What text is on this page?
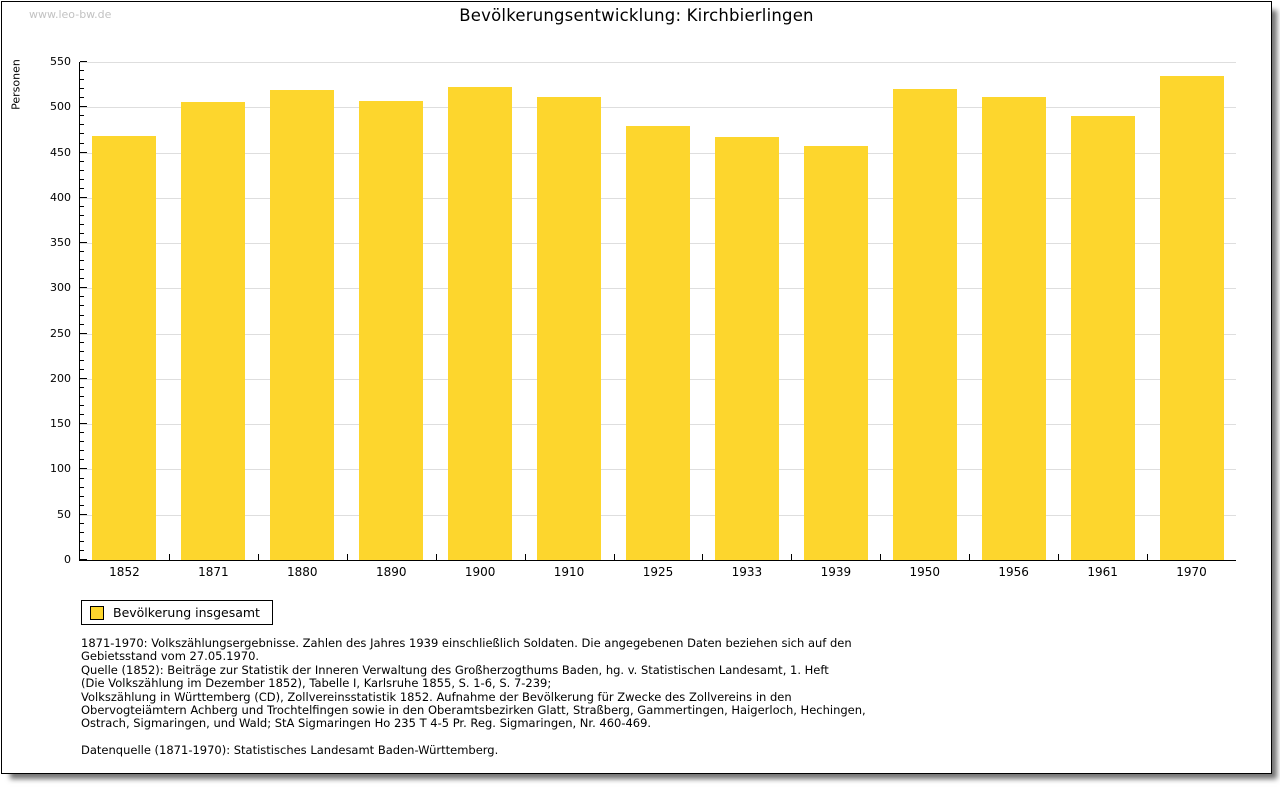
www.leo-bw.de	Bevölkerungsentwicklung: Kirchbierlingen
Personen
0
50
100
150
200
250
300
350
400
450
500
550
1852	1871	1880	1890	1900	1910	1925	1933	1939	1950	1956	1961	1970
Bevölkerung insgesamt
1871-1970: Volkszählungsergebnisse. Zahlen des Jahres 1939 einschließlich Soldaten. Die angegebenen Daten beziehen sich auf den
Gebietsstand vom 27.05.1970.
Quelle (1852): Beiträge zur Statistik der Inneren Verwaltung des Großherzogthums Baden, hg. v. Statistischen Landesamt, 1. Heft
(Die Volkszählung im Dezember 1852), Tabelle I, Karlsruhe 1855, S. 1-6, S. 7-239;
Volkszählung in Württemberg (CD), Zollvereinsstatistik 1852. Aufnahme der Bevölkerung für Zwecke des Zollvereins in den
Obervogteiämtern Achberg und Trochtelfingen sowie in den Oberamtsbezirken Glatt, Straßberg, Gammertingen, Haigerloch, Hechingen,
Ostrach, Sigmaringen, und Wald; StA Sigmaringen Ho 235 T 4-5 Pr. Reg. Sigmaringen, Nr. 460-469.
Datenquelle (1871-1970): Statistisches Landesamt Baden-Württemberg.
